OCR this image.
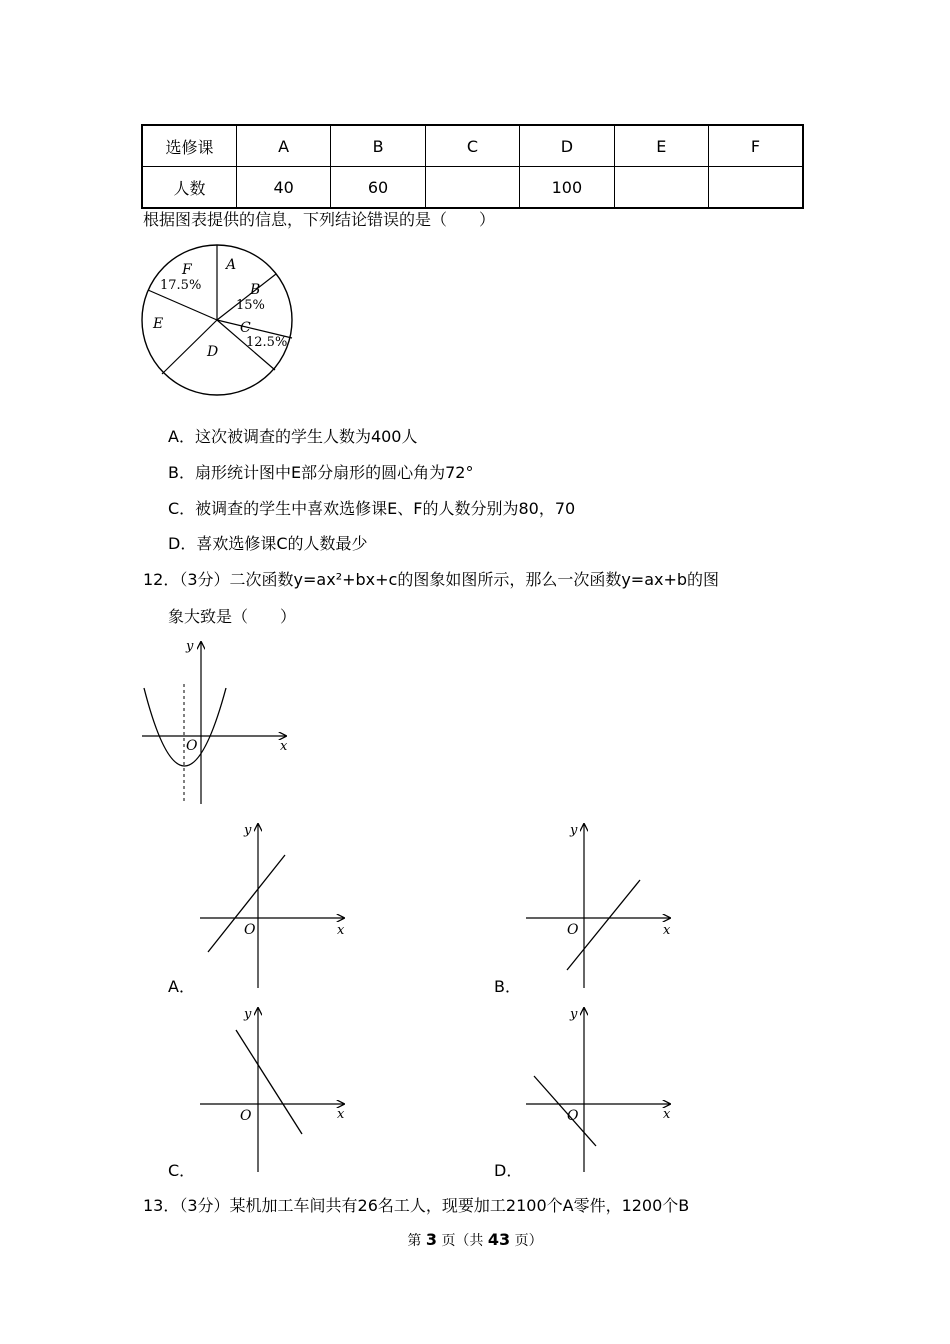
选修课	A	B	C	D	E	F
人数	40	60		100		
根据图表提供的信息，下列结论错误的是（　　）
A
B
15%
C
12.5%
D
E
F
17.5%
A．这次被调查的学生人数为400人
B．扇形统计图中E部分扇形的圆心角为72°
C．被调查的学生中喜欢选修课E、F的人数分别为80，70
D．喜欢选修课C的人数最少
12．（3分）二次函数y=ax²+bx+c的图象如图所示，那么一次函数y=ax+b的图
象大致是（　　）
x
y
O
x
y
O
A．
x
y
O
B．
x
y
O
C．
x
y
O
D．
13．（3分）某机加工车间共有26名工人，现要加工2100个A零件，1200个B
第 3 页（共 43 页）
